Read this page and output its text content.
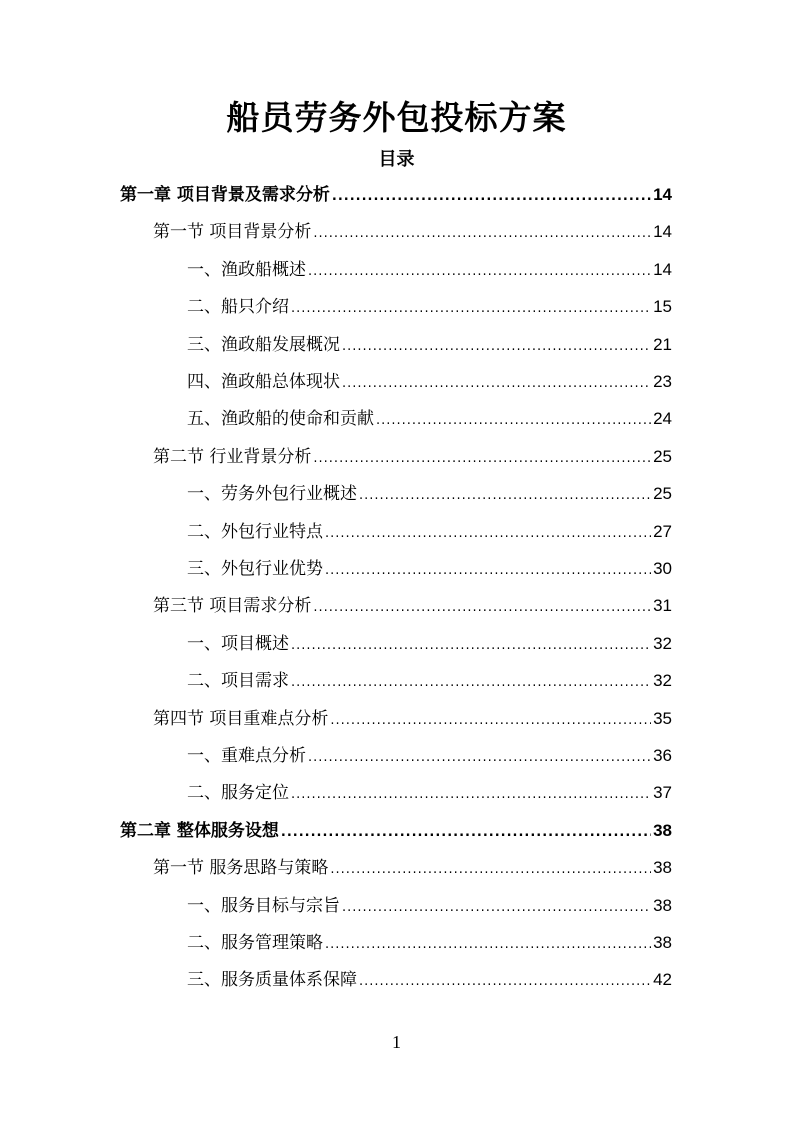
船员劳务外包投标方案
目录
第一章 项目背景及需求分析 .....	14
第一节 项目背景分析 .....	14
一、渔政船概述 .....	14
二、船只介绍 .....	15
三、渔政船发展概况 .....	21
四、渔政船总体现状 .....	23
五、渔政船的使命和贡献 .....	24
第二节 行业背景分析 .....	25
一、劳务外包行业概述 .....	25
二、外包行业特点 .....	27
三、外包行业优势 .....	30
第三节 项目需求分析 .....	31
一、项目概述 .....	32
二、项目需求 .....	32
第四节 项目重难点分析 .....	35
一、重难点分析 .....	36
二、服务定位 .....	37
第二章 整体服务设想 .....	38
第一节 服务思路与策略 .....	38
一、服务目标与宗旨 .....	38
二、服务管理策略 .....	38
三、服务质量体系保障 .....	42
1
